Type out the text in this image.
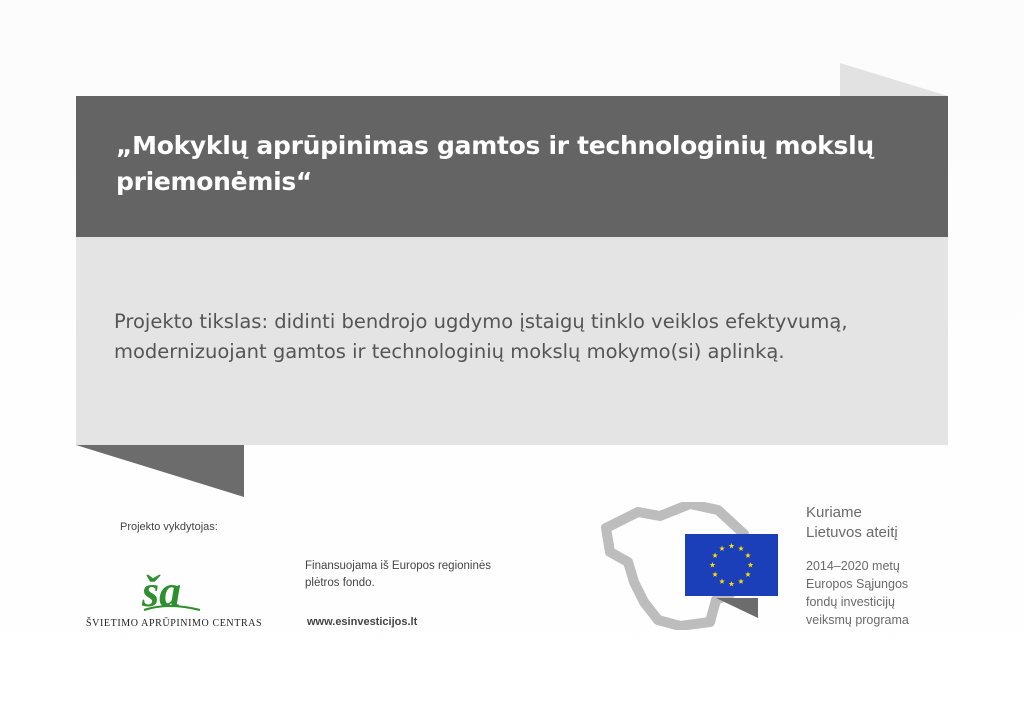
„Mokyklų aprūpinimas gamtos ir technologinių mokslų
priemonėmis“
Projekto tikslas: didinti bendrojo ugdymo įstaigų tinklo veiklos efektyvumą,
modernizuojant gamtos ir technologinių mokslų mokymo(si) aplinką.
Projekto vykdytojas:
ša
ŠVIETIMO APRŪPINIMO CENTRAS
Finansuojama iš Europos regioninės
plėtros fondo.
www.esinvesticijos.lt
Kuriame
Lietuvos ateitį
2014–2020 metų
Europos Sąjungos
fondų investicijų
veiksmų programa
